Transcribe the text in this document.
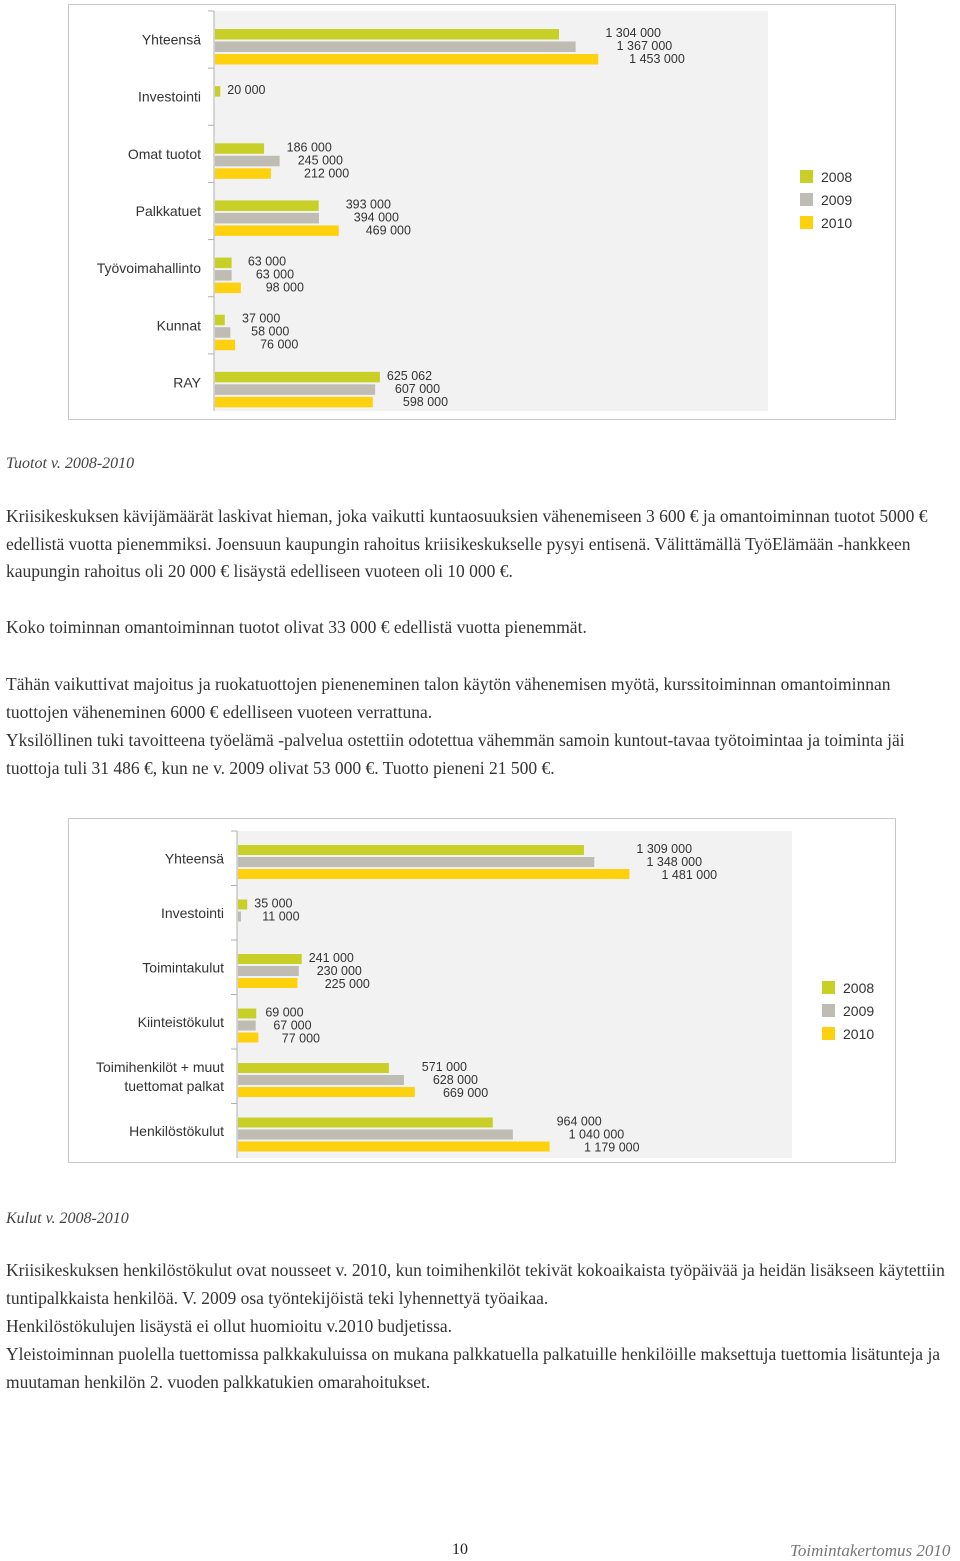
Yhteensä	1 304 000
1 367 000
1 453 000
Investointi 20 000
Omat tuotot	186 000
245 000
212 000
Palkkatuet	393 000
394 000
469 000
Työvoimahallinto	63 000
63 000
98 000
Kunnat	37 000
58 000
76 000
RAY	625 062
607 000
598 000
2008
2009
2010
Tuotot v. 2008-2010

Kriisikeskuksen kävijämäärät laskivat hieman, joka vaikutti kuntaosuuksien vähenemiseen 3 600 € ja omantoiminnan tuotot 5000 € edellistä vuotta pienemmiksi. Joensuun kaupungin rahoitus kriisikeskukselle pysyi entisenä. Välittämällä TyöElämään -hankkeen kaupungin rahoitus oli 20 000 € lisäystä edelliseen vuoteen oli 10 000 €.

Koko toiminnan omantoiminnan tuotot olivat 33 000 € edellistä vuotta pienemmät.

Tähän vaikuttivat majoitus ja ruokatuottojen pieneneminen talon käytön vähenemisen myötä, kurssitoiminnan omantoiminnan tuottojen väheneminen 6000 € edelliseen vuoteen verrattuna.

Yksilöllinen tuki tavoitteena työelämä -palvelua ostettiin odotettua vähemmän samoin kuntout-tavaa työtoimintaa ja toiminta jäi tuottoja tuli 31 486 €, kun ne v. 2009 olivat 53 000 €. Tuotto pieneni 21 500 €.

Yhteensä
1 309 000
1 348 000
1 481 000
Investointi
35 000
11 000
Toimintakulut
241 000
230 000
225 000
Kiinteistökulut
69 000
67 000
77 000
Toimihenkilöt + muut
tuettomat palkat
571 000
628 000
669 000
Henkilöstökulut
964 000
1 040 000
1 179 000
2008
2009
2010
Kulut v. 2008-2010

Kriisikeskuksen henkilöstökulut ovat nousseet v. 2010, kun toimihenkilöt tekivät kokoaikaista työpäivää ja heidän lisäkseen käytettiin tuntipalkkaista henkilöä. V. 2009 osa työntekijöistä teki lyhennettyä työaikaa.

Henkilöstökulujen lisäystä ei ollut huomioitu v.2010 budjetissa.

Yleistoiminnan puolella tuettomissa palkkakuluissa on mukana palkkatuella palkatuille henkilöille maksettuja tuettomia lisätunteja ja muutaman henkilön 2. vuoden palkkatukien omarahoitukset.

10	Toimintakertomus 2010
